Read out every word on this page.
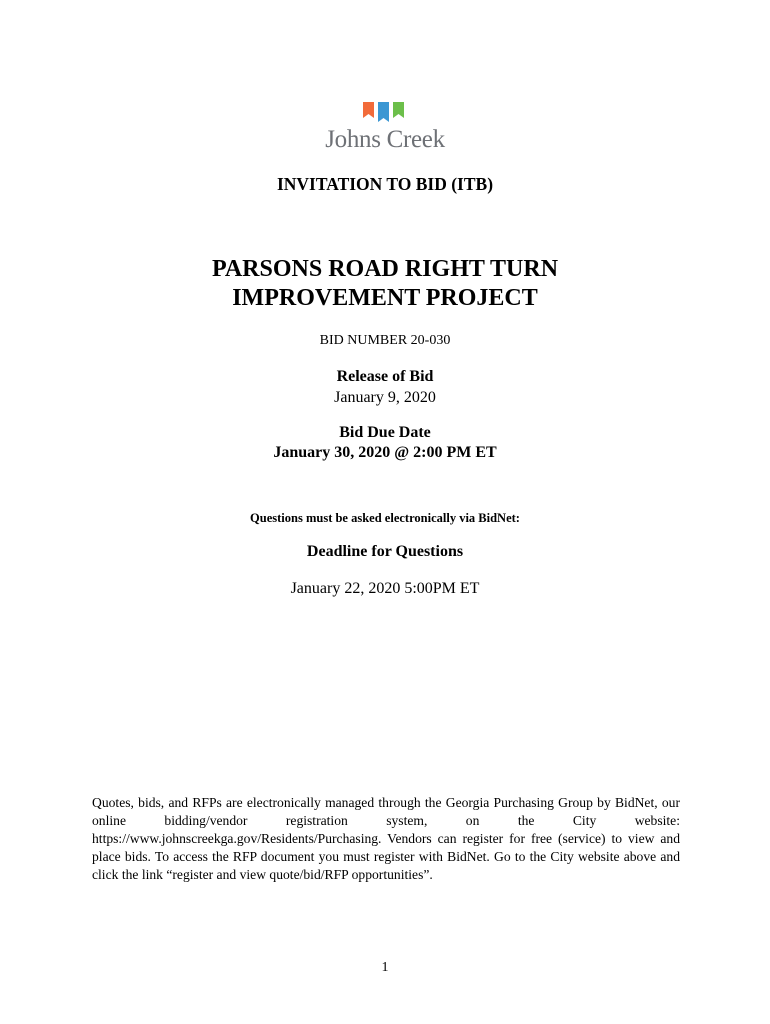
Johns Creek
INVITATION TO BID (ITB)
PARSONS ROAD RIGHT TURN
IMPROVEMENT PROJECT
BID NUMBER 20-030
Release of Bid
January 9, 2020
Bid Due Date
January 30, 2020 @ 2:00 PM ET
Questions must be asked electronically via BidNet:
Deadline for Questions
January 22, 2020 5:00PM ET
Quotes, bids, and RFPs are electronically managed through the Georgia Purchasing Group by BidNet, our online bidding/vendor registration system, on the City website: https://www.johnscreekga.gov/Residents/Purchasing. Vendors can register for free (service) to view and place bids. To access the RFP document you must register with BidNet. Go to the City website above and click the link “register and view quote/bid/RFP opportunities”.
1
